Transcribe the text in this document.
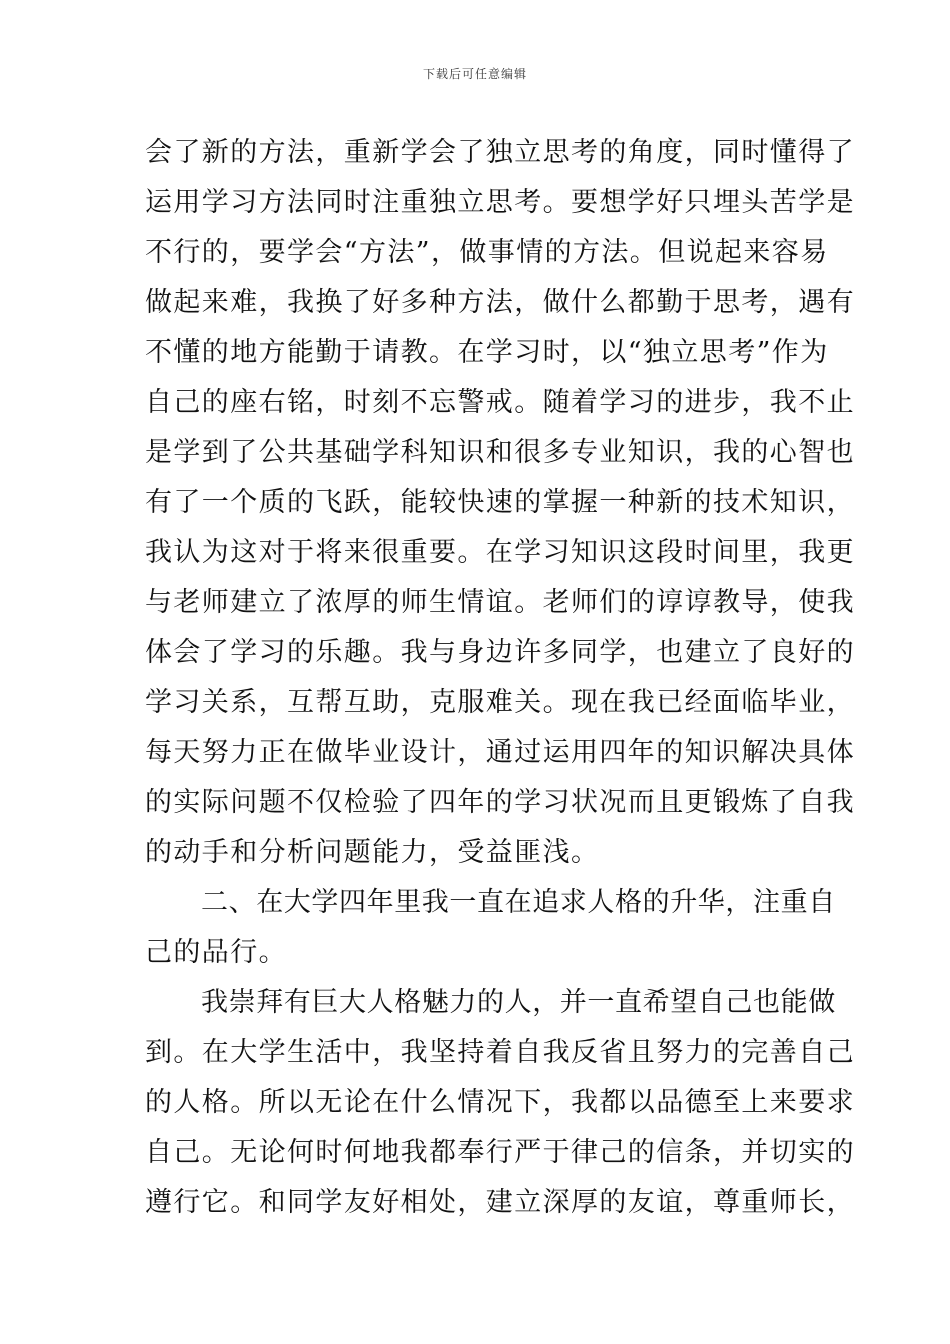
下载后可任意编辑
会了新的方法，重新学会了独立思考的角度，同时懂得了
运用学习方法同时注重独立思考。要想学好只埋头苦学是
不行的，要学会“方法”，做事情的方法。但说起来容易
做起来难，我换了好多种方法，做什么都勤于思考，遇有
不懂的地方能勤于请教。在学习时，以“独立思考”作为
自己的座右铭，时刻不忘警戒。随着学习的进步，我不止
是学到了公共基础学科知识和很多专业知识，我的心智也
有了一个质的飞跃，能较快速的掌握一种新的技术知识，
我认为这对于将来很重要。在学习知识这段时间里，我更
与老师建立了浓厚的师生情谊。老师们的谆谆教导，使我
体会了学习的乐趣。我与身边许多同学，也建立了良好的
学习关系，互帮互助，克服难关。现在我已经面临毕业，
每天努力正在做毕业设计，通过运用四年的知识解决具体
的实际问题不仅检验了四年的学习状况而且更锻炼了自我
的动手和分析问题能力，受益匪浅。
二、在大学四年里我一直在追求人格的升华，注重自
己的品行。
我崇拜有巨大人格魅力的人，并一直希望自己也能做
到。在大学生活中，我坚持着自我反省且努力的完善自己
的人格。所以无论在什么情况下，我都以品德至上来要求
自己。无论何时何地我都奉行严于律己的信条，并切实的
遵行它。和同学友好相处，建立深厚的友谊，尊重师长，
